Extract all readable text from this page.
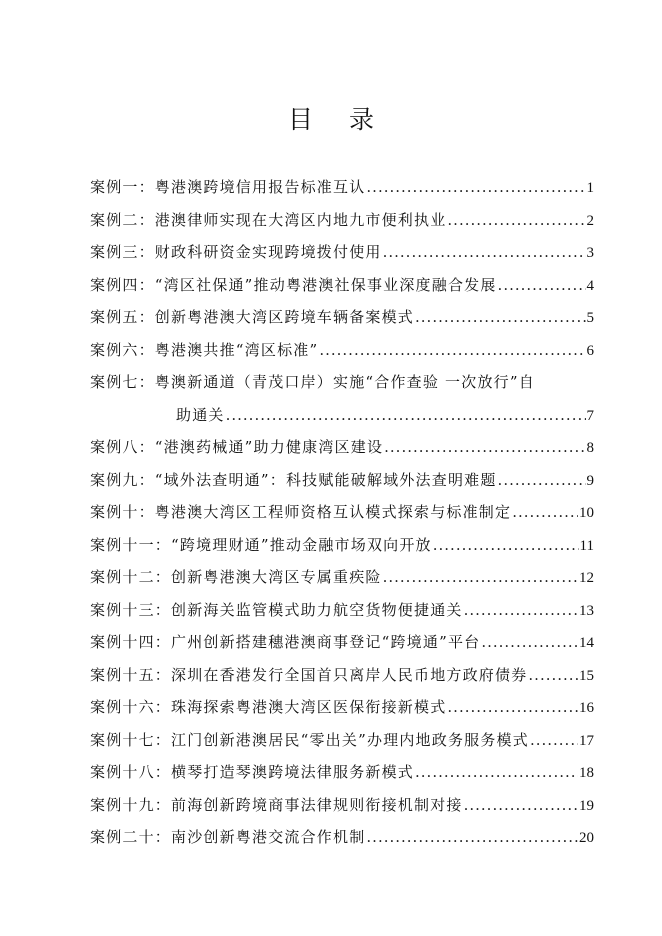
目 录
案例一：粤港澳跨境信用报告标准互认 .....	1
案例二：港澳律师实现在大湾区内地九市便利执业 .....	2
案例三：财政科研资金实现跨境拨付使用 .....	3
案例四：“湾区社保通”推动粤港澳社保事业深度融合发展 .....	4
案例五：创新粤港澳大湾区跨境车辆备案模式 .....	5
案例六：粤港澳共推“湾区标准” .....	6
案例七：粤澳新通道（青茂口岸）实施“合作查验 一次放行”自
助通关 .....	7
案例八：“港澳药械通”助力健康湾区建设 .....	8
案例九：“域外法查明通”：科技赋能破解域外法查明难题 .....	9
案例十：粤港澳大湾区工程师资格互认模式探索与标准制定 .....	10
案例十一：“跨境理财通”推动金融市场双向开放 .....	11
案例十二：创新粤港澳大湾区专属重疾险 .....	12
案例十三：创新海关监管模式助力航空货物便捷通关 .....	13
案例十四：广州创新搭建穗港澳商事登记“跨境通”平台 .....	14
案例十五：深圳在香港发行全国首只离岸人民币地方政府债券 .....	15
案例十六：珠海探索粤港澳大湾区医保衔接新模式 .....	16
案例十七：江门创新港澳居民“零出关”办理内地政务服务模式 .....	17
案例十八：横琴打造琴澳跨境法律服务新模式 .....	18
案例十九：前海创新跨境商事法律规则衔接机制对接 .....	19
案例二十：南沙创新粤港交流合作机制 .....	20
